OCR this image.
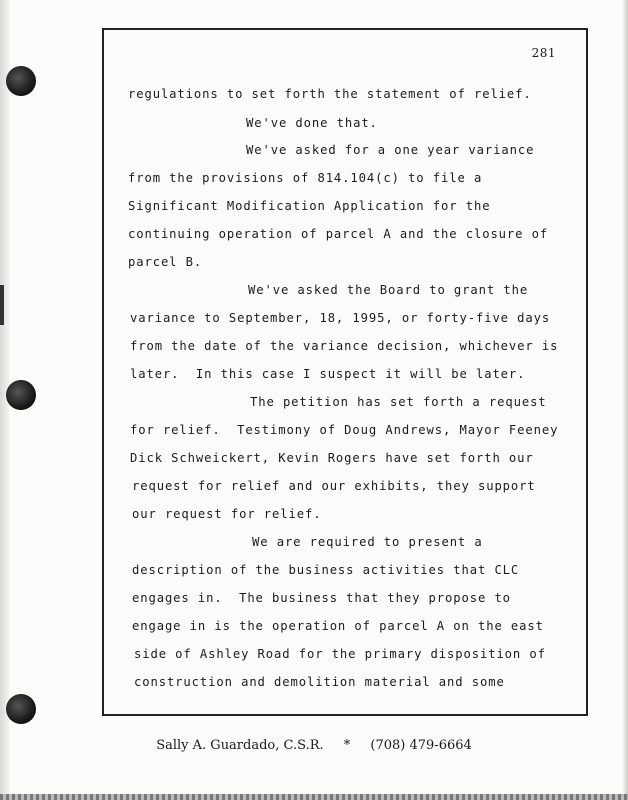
281
regulations to set forth the statement of relief.
We've done that.
We've asked for a one year variance
from the provisions of 814.104(c) to file a
Significant Modification Application for the
continuing operation of parcel A and the closure of
parcel B.
We've asked the Board to grant the
variance to September, 18, 1995, or forty-five days
from the date of the variance decision, whichever is
later.  In this case I suspect it will be later.
The petition has set forth a request
for relief.  Testimony of Doug Andrews, Mayor Feeney
Dick Schweickert, Kevin Rogers have set forth our
request for relief and our exhibits, they support
our request for relief.
We are required to present a
description of the business activities that CLC
engages in.  The business that they propose to
engage in is the operation of parcel A on the east
side of Ashley Road for the primary disposition of
construction and demolition material and some
Sally A. Guardado, C.S.R. * (708) 479-6664
